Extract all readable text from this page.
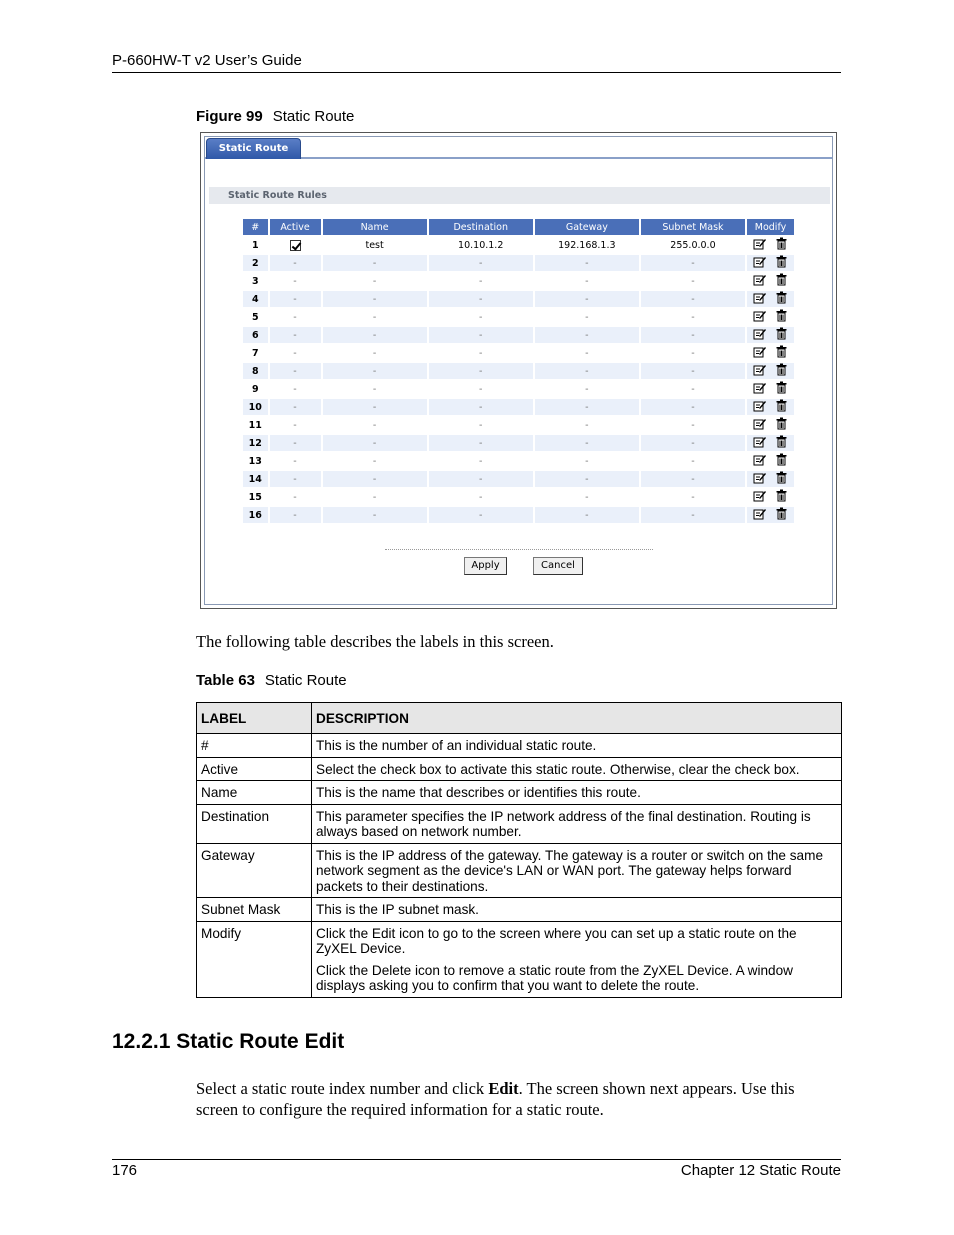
P-660HW-T v2 User’s Guide
Figure 99 Static Route
Static Route
Static Route Rules
#	Active	Name	Destination	Gateway	Subnet Mask	Modify
1		test	10.10.1.2	192.168.1.3	255.0.0.0	

2	-	-	-	-	-	

3	-	-	-	-	-	

4	-	-	-	-	-	

5	-	-	-	-	-	

6	-	-	-	-	-	

7	-	-	-	-	-	

8	-	-	-	-	-	

9	-	-	-	-	-	

10	-	-	-	-	-	

11	-	-	-	-	-	

12	-	-	-	-	-	

13	-	-	-	-	-	

14	-	-	-	-	-	

15	-	-	-	-	-	

16	-	-	-	-	-	
Apply	Cancel
The following table describes the labels in this screen.
Table 63 Static Route
LABEL	DESCRIPTION
#	This is the number of an individual static route.

Active	Select the check box to activate this static route. Otherwise, clear the check box.

Name	This is the name that describes or identifies this route.

Destination	This parameter specifies the IP network address of the final destination. Routing is always based on network number.

Gateway	This is the IP address of the gateway. The gateway is a router or switch on the same network segment as the device's LAN or WAN port. The gateway helps forward packets to their destinations.

Subnet Mask	This is the IP subnet mask.

Modify	Click the Edit icon to go to the screen where you can set up a static route on the ZyXEL Device.

Click the Delete icon to remove a static route from the ZyXEL Device. A window displays asking you to confirm that you want to delete the route.

12.2.1 Static Route Edit
Select a static route index number and click Edit. The screen shown next appears. Use this screen to configure the required information for a static route.
176	Chapter 12 Static Route
